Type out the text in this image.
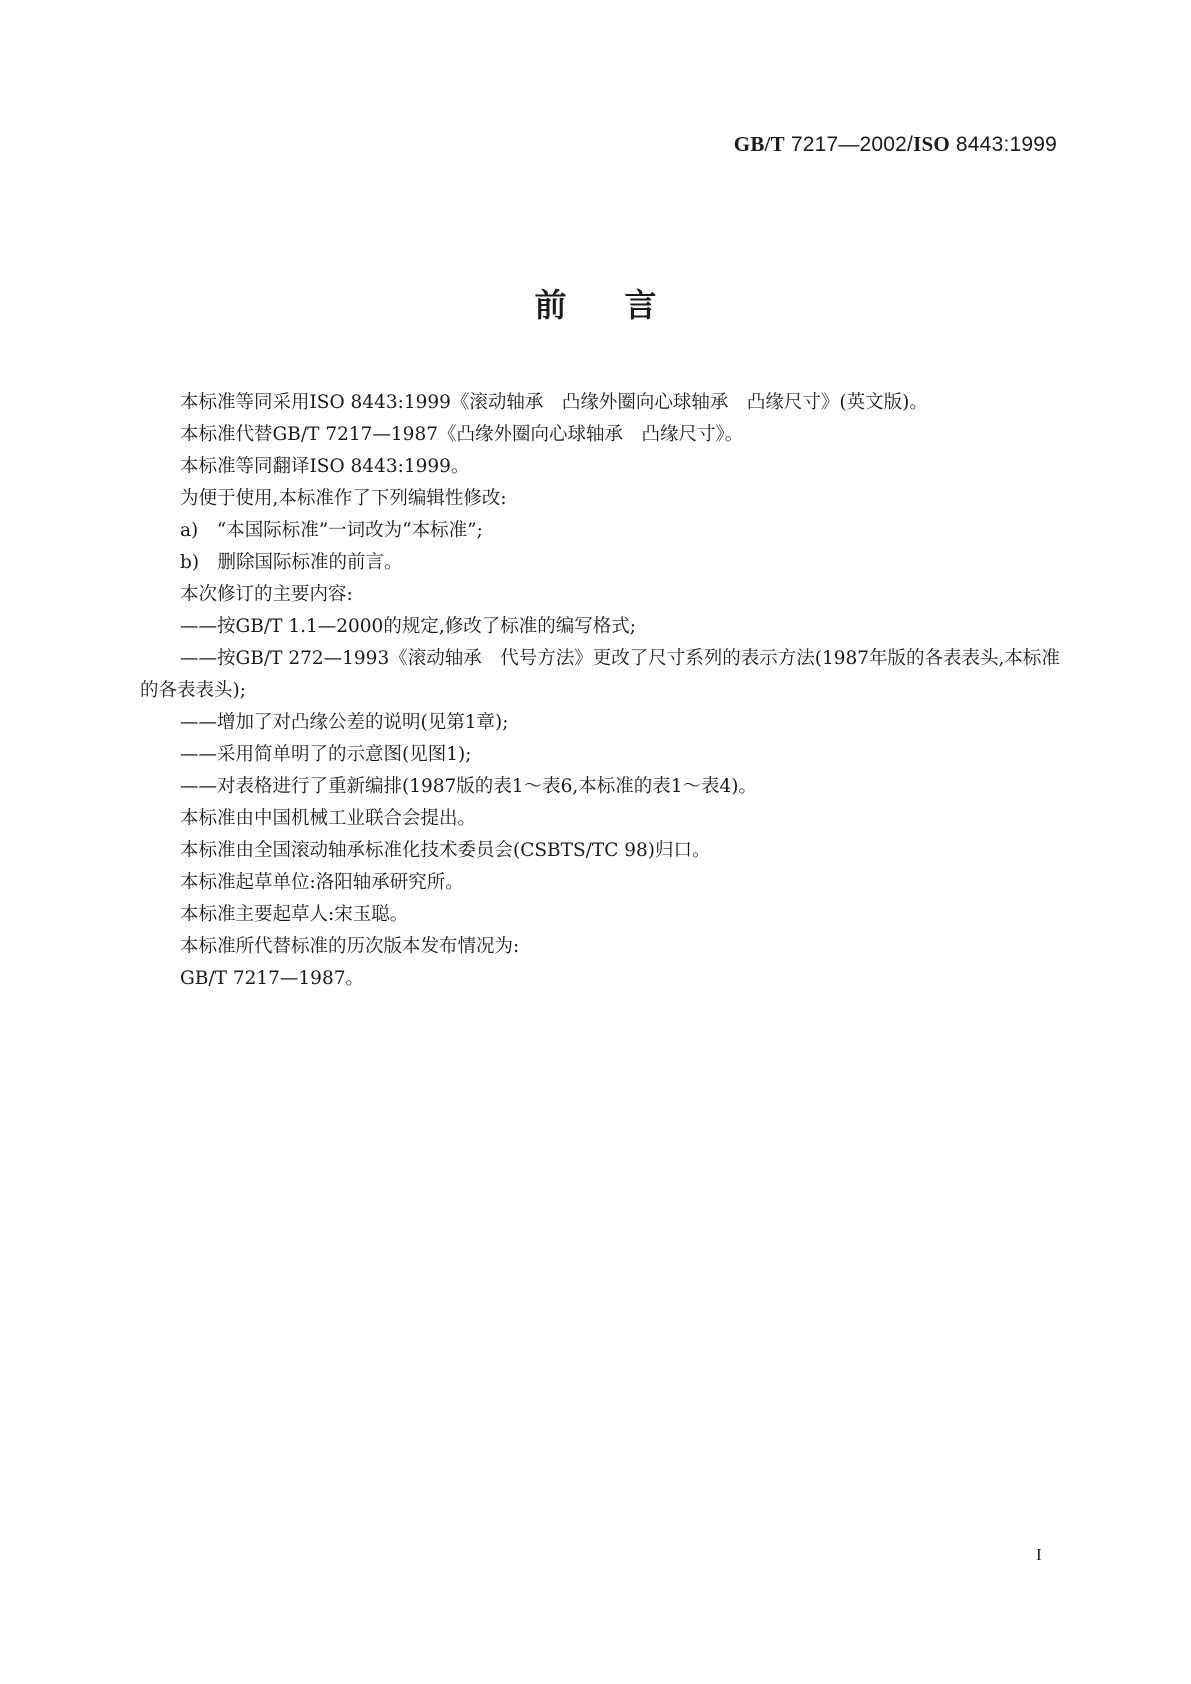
GB/T 7217—2002/ISO 8443:1999
前言

本标准等同采用ISO 8443:1999《滚动轴承　凸缘外圈向心球轴承　凸缘尺寸》(英文版)。

本标准代替GB/T 7217—1987《凸缘外圈向心球轴承　凸缘尺寸》。

本标准等同翻译ISO 8443:1999。

为便于使用,本标准作了下列编辑性修改:

a)　“本国际标准”一词改为“本标准”;

b)　删除国际标准的前言。

本次修订的主要内容:

——按GB/T 1.1—2000的规定,修改了标准的编写格式;

——按GB/T 272—1993《滚动轴承　代号方法》更改了尺寸系列的表示方法(1987年版的各表表头,本标准的各表表头);

——增加了对凸缘公差的说明(见第1章);

——采用简单明了的示意图(见图1);

——对表格进行了重新编排(1987版的表1～表6,本标准的表1～表4)。

本标准由中国机械工业联合会提出。

本标准由全国滚动轴承标准化技术委员会(CSBTS/TC 98)归口。

本标准起草单位:洛阳轴承研究所。

本标准主要起草人:宋玉聪。

本标准所代替标准的历次版本发布情况为:

GB/T 7217—1987。

I
